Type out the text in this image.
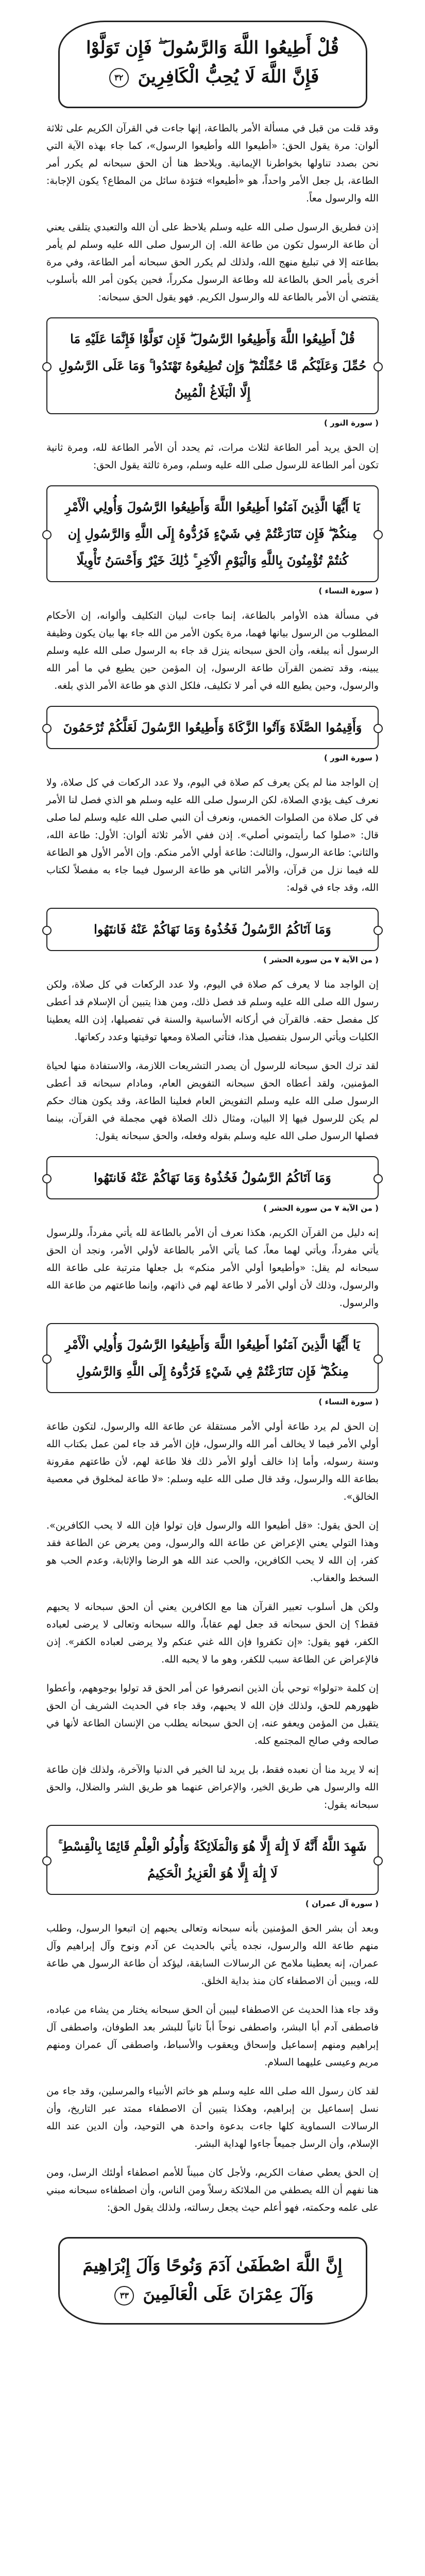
قُلْ أَطِيعُوا اللَّهَ وَالرَّسُولَ ۖ فَإِن تَوَلَّوْا
فَإِنَّ اللَّهَ لَا يُحِبُّ الْكَافِرِينَ ٣٢

وقد قلت من قبل في مسألة الأمر بالطاعة، إنها جاءت في القرآن الكريم على ثلاثة ألوان: مرة يقول الحق: «أطيعوا الله وأطيعوا الرسول»، كما جاء بهذه الآية التي نحن بصدد تناولها بخواطرنا الإيمانية. ويلاحظ هنا أن الحق سبحانه لم يكرر أمر الطاعة، بل جعل الأمر واحداً، هو «أطيعوا» فتؤدة سائل من المطاع؟ يكون الإجابة: الله والرسول معاً.

إذن فطريق الرسول صلى الله عليه وسلم يلاحظ على أن الله والتعبدي يتلقى يعني أن طاعة الرسول تكون من طاعة الله. إن الرسول صلى الله عليه وسلم لم يأمر بطاعته إلا في تبليغ منهج الله، ولذلك لم يكرر الحق سبحانه أمر الطاعة، وفي مرة أخرى يأمر الحق بالطاعة لله وطاعة الرسول مكرراً، فحين يكون أمر الله بأسلوب يقتضي أن الأمر بالطاعة لله والرسول الكريم. فهو يقول الحق سبحانه:

قُلْ أَطِيعُوا اللَّهَ وَأَطِيعُوا الرَّسُولَ ۖ فَإِن تَوَلَّوْا فَإِنَّمَا عَلَيْهِ مَا حُمِّلَ وَعَلَيْكُم مَّا حُمِّلْتُمْ ۖ وَإِن تُطِيعُوهُ تَهْتَدُوا ۚ وَمَا عَلَى الرَّسُولِ إِلَّا الْبَلَاغُ الْمُبِينُ
( سورة النور )

إن الحق يريد أمر الطاعة لثلاث مرات، ثم يحدد أن الأمر الطاعة لله، ومرة ثانية تكون أمر الطاعة للرسول صلى الله عليه وسلم، ومرة ثالثة يقول الحق:

يَا أَيُّهَا الَّذِينَ آمَنُوا أَطِيعُوا اللَّهَ وَأَطِيعُوا الرَّسُولَ وَأُولِي الْأَمْرِ مِنكُمْ ۖ فَإِن تَنَازَعْتُمْ فِي شَيْءٍ فَرُدُّوهُ إِلَى اللَّهِ وَالرَّسُولِ إِن كُنتُمْ تُؤْمِنُونَ بِاللَّهِ وَالْيَوْمِ الْآخِرِ ۚ ذَٰلِكَ خَيْرٌ وَأَحْسَنُ تَأْوِيلًا
( سورة النساء )

في مسألة هذه الأوامر بالطاعة، إنما جاءت لبيان التكليف وألوانه، إن الأحكام المطلوب من الرسول بيانها فهما، مرة يكون الأمر من الله جاء بها بيان يكون وظيفة الرسول أنه يبلغه، وأن الحق سبحانه ينزل قد جاء به الرسول صلى الله عليه وسلم يبينه، وقد تضمن القرآن طاعة الرسول، إن المؤمن حين يطيع في ما أمر الله والرسول، وحين يطيع الله في أمر لا تكليف، فلكل الذي هو طاعة الأمر الذي بلغه.

وَأَقِيمُوا الصَّلَاةَ وَآتُوا الزَّكَاةَ وَأَطِيعُوا الرَّسُولَ لَعَلَّكُمْ تُرْحَمُونَ
( سورة النور )

إن الواجد منا لم يكن يعرف كم صلاة في اليوم، ولا عدد الركعات في كل صلاة، ولا نعرف كيف يؤدي الصلاة، لكن الرسول صلى الله عليه وسلم هو الذي فصل لنا الأمر في كل صلاة من الصلوات الخمس، ونعرف أن النبي صلى الله عليه وسلم لما صلى قال: «صلوا كما رأيتموني أصلي». إذن ففي الأمر ثلاثة ألوان: الأول: طاعة الله، والثاني: طاعة الرسول، والثالث: طاعة أولي الأمر منكم. وإن الأمر الأول هو الطاعة لله فيما نزل من قرآن، والأمر الثاني هو طاعة الرسول فيما جاء به مفصلاً لكتاب الله، وقد جاء في قوله:

وَمَا آتَاكُمُ الرَّسُولُ فَخُذُوهُ وَمَا نَهَاكُمْ عَنْهُ فَانتَهُوا
( من الآية ٧ من سورة الحشر )

إن الواجد منا لا يعرف كم صلاة في اليوم، ولا عدد الركعات في كل صلاة، ولكن رسول الله صلى الله عليه وسلم قد فصل ذلك، ومن هذا يتبين أن الإسلام قد أعطى كل مفصل حقه. فالقرآن في أركانه الأساسية والسنة في تفصيلها، إذن الله يعطينا الكليات ويأتي الرسول بتفصيل هذا، فتأتي الصلاة ومعها توقيتها وعدد ركعاتها.

لقد ترك الحق سبحانه للرسول أن يصدر التشريعات اللازمة، والاستفادة منها لحياة المؤمنين، ولقد أعطاه الحق سبحانه التفويض العام، ومادام سبحانه قد أعطى الرسول صلى الله عليه وسلم التفويض العام فعلينا الطاعة، وقد يكون هناك حكم لم يكن للرسول فيها إلا البيان، ومثال ذلك الصلاة فهي مجملة في القرآن، بينما فصلها الرسول صلى الله عليه وسلم بقوله وفعله، والحق سبحانه يقول:

وَمَا آتَاكُمُ الرَّسُولُ فَخُذُوهُ وَمَا نَهَاكُمْ عَنْهُ فَانتَهُوا
( من الآية ٧ من سورة الحشر )

إنه دليل من القرآن الكريم، هكذا نعرف أن الأمر بالطاعة لله يأتي مفرداً، وللرسول يأتي مفرداً، ويأتي لهما معاً، كما يأتي الأمر بالطاعة لأولي الأمر، ونجد أن الحق سبحانه لم يقل: «وأطيعوا أولي الأمر منكم» بل جعلها مترتبة على طاعة الله والرسول، وذلك لأن أولي الأمر لا طاعة لهم في ذاتهم، وإنما طاعتهم من طاعة الله والرسول.

يَا أَيُّهَا الَّذِينَ آمَنُوا أَطِيعُوا اللَّهَ وَأَطِيعُوا الرَّسُولَ وَأُولِي الْأَمْرِ مِنكُمْ ۖ فَإِن تَنَازَعْتُمْ فِي شَيْءٍ فَرُدُّوهُ إِلَى اللَّهِ وَالرَّسُولِ
( سورة النساء )

إن الحق لم يرد طاعة أولي الأمر مستقلة عن طاعة الله والرسول، لتكون طاعة أولي الأمر فيما لا يخالف أمر الله والرسول، فإن الأمر قد جاء لمن عمل بكتاب الله وسنة رسوله، وأما إذا خالف أولو الأمر ذلك فلا طاعة لهم، لأن طاعتهم مقرونة بطاعة الله والرسول، وقد قال صلى الله عليه وسلم: «لا طاعة لمخلوق في معصية الخالق».

إن الحق يقول: «قل أطيعوا الله والرسول فإن تولوا فإن الله لا يحب الكافرين». وهذا التولي يعني الإعراض عن طاعة الله والرسول، ومن يعرض عن الطاعة فقد كفر، إن الله لا يحب الكافرين، والحب عند الله هو الرضا والإثابة، وعدم الحب هو السخط والعقاب.

ولكن هل أسلوب تعبير القرآن هنا مع الكافرين يعني أن الحق سبحانه لا يحبهم فقط؟ إن الحق سبحانه قد جعل لهم عقاباً، والله سبحانه وتعالى لا يرضى لعباده الكفر، فهو يقول: «إن تكفروا فإن الله غني عنكم ولا يرضى لعباده الكفر». إذن فالإعراض عن الطاعة سبب للكفر، وهو ما لا يحبه الله.

إن كلمة «تولوا» توحي بأن الذين انصرفوا عن أمر الحق قد تولوا بوجوههم، وأعطوا ظهورهم للحق، ولذلك فإن الله لا يحبهم، وقد جاء في الحديث الشريف أن الحق يتقبل من المؤمن ويعفو عنه، إن الحق سبحانه يطلب من الإنسان الطاعة لأنها في صالحه وفي صالح المجتمع كله.

إنه لا يريد منا أن نعبده فقط، بل يريد لنا الخير في الدنيا والآخرة، ولذلك فإن طاعة الله والرسول هي طريق الخير، والإعراض عنهما هو طريق الشر والضلال، والحق سبحانه يقول:

شَهِدَ اللَّهُ أَنَّهُ لَا إِلَٰهَ إِلَّا هُوَ وَالْمَلَائِكَةُ وَأُولُو الْعِلْمِ قَائِمًا بِالْقِسْطِ ۚ لَا إِلَٰهَ إِلَّا هُوَ الْعَزِيزُ الْحَكِيمُ
( سورة آل عمران )

وبعد أن بشر الحق المؤمنين بأنه سبحانه وتعالى يحبهم إن اتبعوا الرسول، وطلب منهم طاعة الله والرسول، نجده يأتي بالحديث عن آدم ونوح وآل إبراهيم وآل عمران، إنه يعطينا ملامح عن الرسالات السابقة، ليؤكد أن طاعة الرسول هي طاعة لله، ويبين أن الاصطفاء كان منذ بداية الخلق.

وقد جاء هذا الحديث عن الاصطفاء ليبين أن الحق سبحانه يختار من يشاء من عباده، فاصطفى آدم أبا البشر، واصطفى نوحاً أباً ثانياً للبشر بعد الطوفان، واصطفى آل إبراهيم ومنهم إسماعيل وإسحاق ويعقوب والأسباط، واصطفى آل عمران ومنهم مريم وعيسى عليهما السلام.

لقد كان رسول الله صلى الله عليه وسلم هو خاتم الأنبياء والمرسلين، وقد جاء من نسل إسماعيل بن إبراهيم، وهكذا يتبين أن الاصطفاء ممتد عبر التاريخ، وأن الرسالات السماوية كلها جاءت بدعوة واحدة هي التوحيد، وأن الدين عند الله الإسلام، وأن الرسل جميعاً جاءوا لهداية البشر.

إن الحق يعطي صفات الكريم، ولأجل كان مبيناً للأمم اصطفاء أولئك الرسل، ومن هنا نفهم أن الله يصطفي من الملائكة رسلاً ومن الناس، وأن اصطفاءه سبحانه مبني على علمه وحكمته، فهو أعلم حيث يجعل رسالته، ولذلك يقول الحق:

إِنَّ اللَّهَ اصْطَفَىٰ آدَمَ وَنُوحًا وَآلَ إِبْرَاهِيمَ
وَآلَ عِمْرَانَ عَلَى الْعَالَمِينَ ٣٣
